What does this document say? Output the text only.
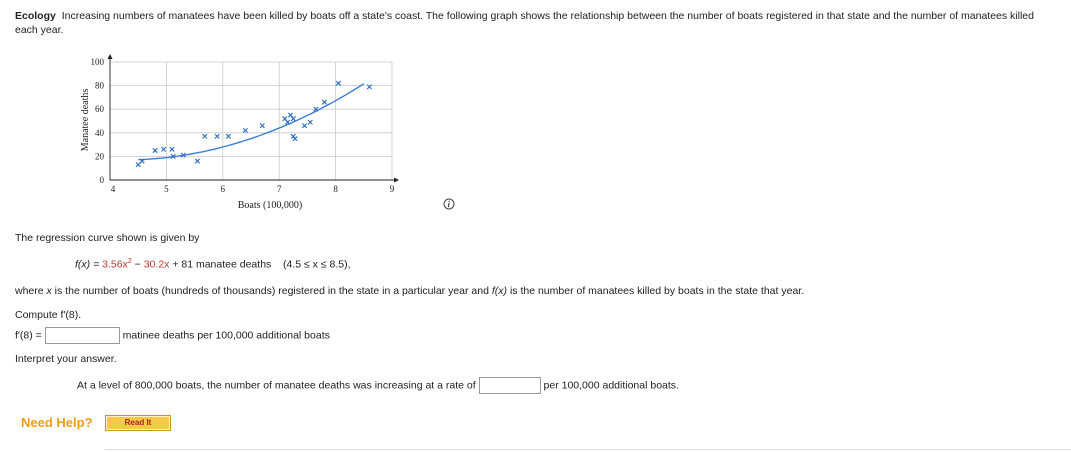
Ecology Increasing numbers of manatees have been killed by boats off a state's coast. The following graph shows the relationship between the number of boats registered in that state and the number of manatees killed each year.
0
20
40
60
80
100
4	5	6	7	8	9
Manatee deaths
Boats (100,000)
The regression curve shown is given by
$f(x) = 3.56x^2 - 30.2x + 81$ manatee deaths (4.5 ≤ x ≤ 8.5),
where x is the number of boats (hundreds of thousands) registered in the state in a particular year and f(x) is the number of manatees killed by boats in the state that year.
Compute f′(8).
f′(8) =	matinee deaths per 100,000 additional boats
Interpret your answer.
At a level of 800,000 boats, the number of manatee deaths was increasing at a rate of	per 100,000 additional boats.
Need Help?	Read It
